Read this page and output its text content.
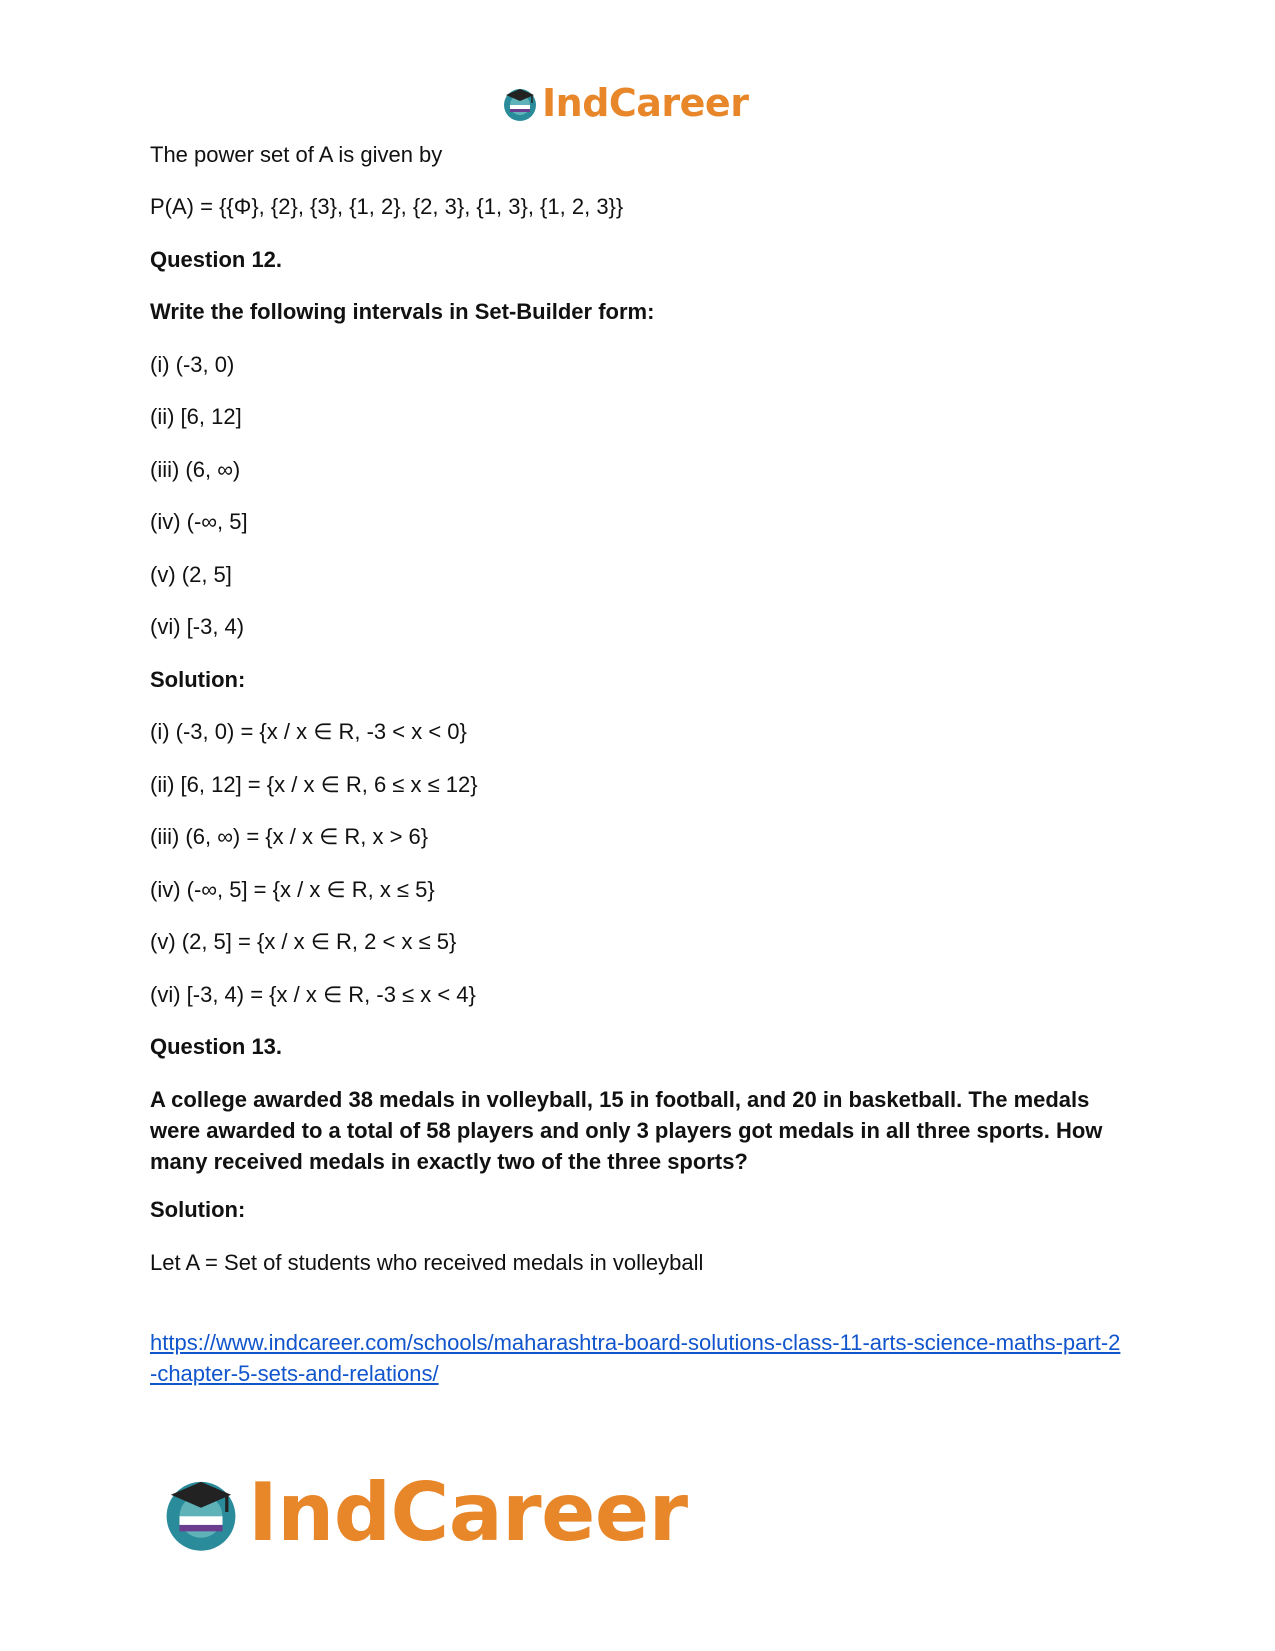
IndCareer
The power set of A is given by
P(A) = {{Φ}, {2}, {3}, {1, 2}, {2, 3}, {1, 3}, {1, 2, 3}}
Question 12.
Write the following intervals in Set-Builder form:
(i) (-3, 0)
(ii) [6, 12]
(iii) (6, ∞)
(iv) (-∞, 5]
(v) (2, 5]
(vi) [-3, 4)
Solution:
(i) (-3, 0) = {x / x ∈ R, -3 < x < 0}
(ii) [6, 12] = {x / x ∈ R, 6 ≤ x ≤ 12}
(iii) (6, ∞) = {x / x ∈ R, x > 6}
(iv) (-∞, 5] = {x / x ∈ R, x ≤ 5}
(v) (2, 5] = {x / x ∈ R, 2 < x ≤ 5}
(vi) [-3, 4) = {x / x ∈ R, -3 ≤ x < 4}
Question 13.
A college awarded 38 medals in volleyball, 15 in football, and 20 in basketball. The medals were awarded to a total of 58 players and only 3 players got medals in all three sports. How many received medals in exactly two of the three sports?
Solution:
Let A = Set of students who received medals in volleyball
https://www.indcareer.com/schools/maharashtra-board-solutions-class-11-arts-science-maths-part-2-chapter-5-sets-and-relations/
IndCareer
